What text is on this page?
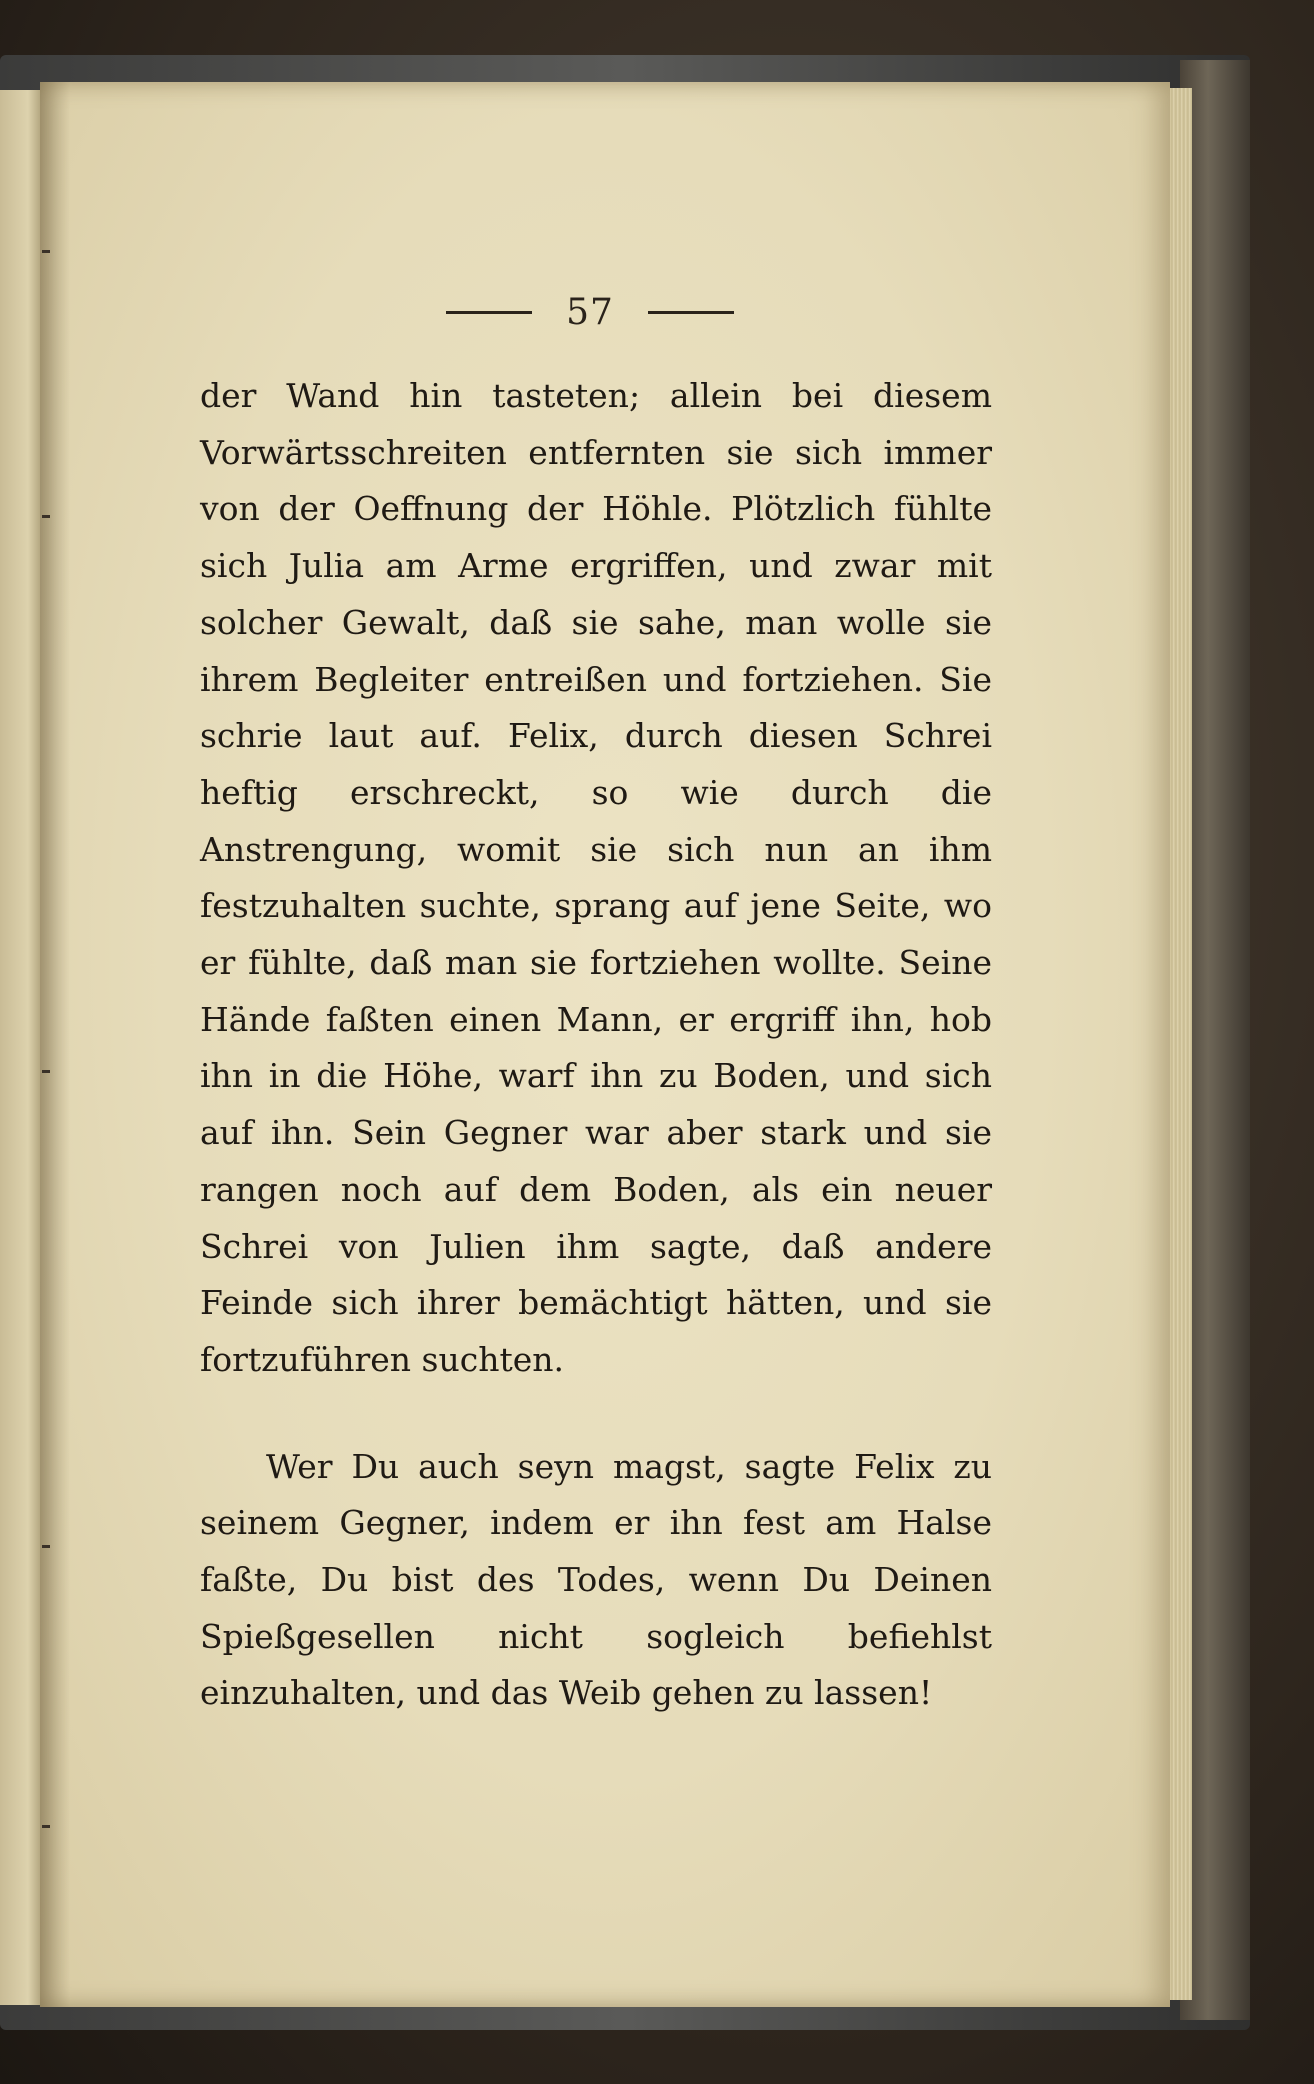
57

der Wand hin tasteten; allein bei diesem Vorwärtsschreiten entfernten sie sich immer von der Oeffnung der Höhle. Plötzlich fühlte sich Julia am Arme ergriffen, und zwar mit solcher Gewalt, daß sie sahe, man wolle sie ihrem Begleiter entreißen und fortziehen. Sie schrie laut auf. Felix, durch diesen Schrei heftig erschreckt, so wie durch die Anstrengung, womit sie sich nun an ihm festzuhalten suchte, sprang auf jene Seite, wo er fühlte, daß man sie fortziehen wollte. Seine Hände faßten einen Mann, er ergriff ihn, hob ihn in die Höhe, warf ihn zu Boden, und sich auf ihn. Sein Gegner war aber stark und sie rangen noch auf dem Boden, als ein neuer Schrei von Julien ihm sagte, daß andere Feinde sich ihrer bemächtigt hätten, und sie fortzuführen suchten.

Wer Du auch seyn magst, sagte Felix zu seinem Gegner, indem er ihn fest am Halse faßte, Du bist des Todes, wenn Du Deinen Spießgesellen nicht sogleich befiehlst einzuhalten, und das Weib gehen zu lassen!
